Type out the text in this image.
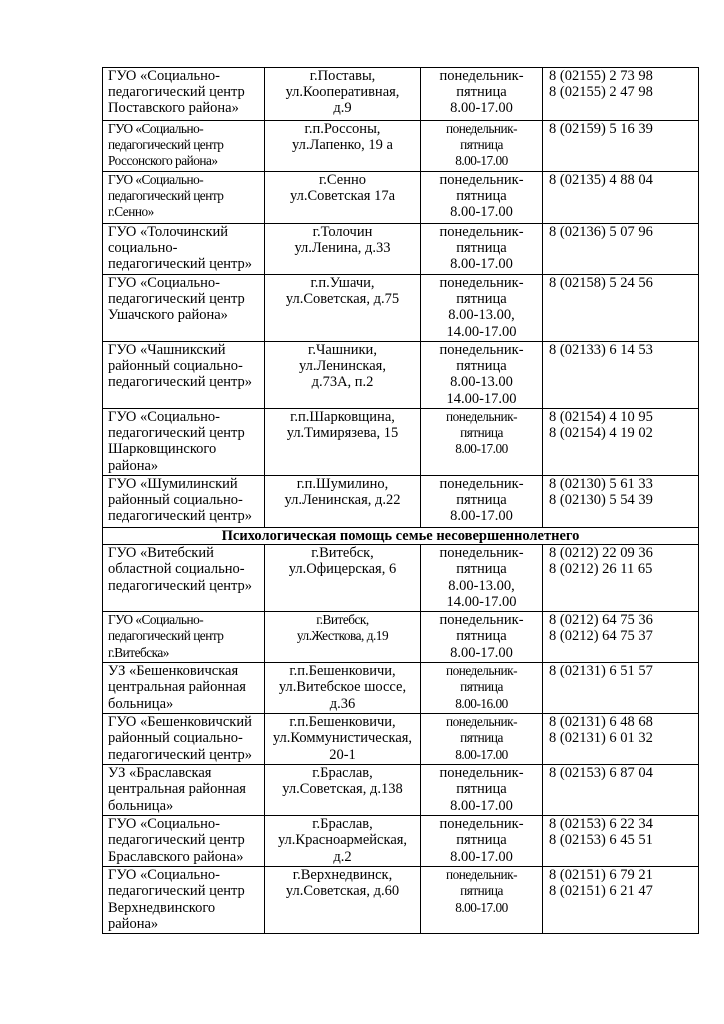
ГУО «Социально-
педагогический центр
Поставского района»	г.Поставы,
ул.Кооперативная,
д.9	понедельник-
пятница
8.00-17.00	8 (02155) 2 73 98
8 (02155) 2 47 98

ГУО «Социально-
педагогический центр
Россонского района»	г.п.Россоны,
ул.Лапенко, 19 а	понедельник-
пятница
8.00-17.00	8 (02159) 5 16 39

ГУО «Социально-
педагогический центр
г.Сенно»	г.Сенно
ул.Советская 17а	понедельник-
пятница
8.00-17.00	8 (02135) 4 88 04

ГУО «Толочинский
социально-
педагогический центр»	г.Толочин
ул.Ленина, д.33	понедельник-
пятница
8.00-17.00	8 (02136) 5 07 96

ГУО «Социально-
педагогический центр
Ушачского района»	г.п.Ушачи,
ул.Советская, д.75	понедельник-
пятница
8.00-13.00,
14.00-17.00	8 (02158) 5 24 56

ГУО «Чашникский
районный социально-
педагогический центр»	г.Чашники,
ул.Ленинская,
д.73А, п.2	понедельник-
пятница
8.00-13.00
14.00-17.00	8 (02133) 6 14 53

ГУО «Социально-
педагогический центр
Шарковщинского
района»	г.п.Шарковщина,
ул.Тимирязева, 15	понедельник-
пятница
8.00-17.00	8 (02154) 4 10 95
8 (02154) 4 19 02

ГУО «Шумилинский
районный социально-
педагогический центр»	г.п.Шумилино,
ул.Ленинская, д.22	понедельник-
пятница
8.00-17.00	8 (02130) 5 61 33
8 (02130) 5 54 39

Психологическая помощь семье несовершеннолетнего			

ГУО «Витебский
областной социально-
педагогический центр»	г.Витебск,
ул.Офицерская, 6	понедельник-
пятница
8.00-13.00,
14.00-17.00	8 (0212) 22 09 36
8 (0212) 26 11 65

ГУО «Социально-
педагогический центр
г.Витебска»	г.Витебск,
ул.Жесткова, д.19	понедельник-
пятница
8.00-17.00	8 (0212) 64 75 36
8 (0212) 64 75 37

УЗ «Бешенковичская
центральная районная
больница»	г.п.Бешенковичи,
ул.Витебское шоссе,
д.36	понедельник-
пятница
8.00-16.00	8 (02131) 6 51 57

ГУО «Бешенковичский
районный социально-
педагогический центр»	г.п.Бешенковичи,
ул.Коммунистическая,
20-1	понедельник-
пятница
8.00-17.00	8 (02131) 6 48 68
8 (02131) 6 01 32

УЗ «Браславская
центральная районная
больница»	г.Браслав,
ул.Советская, д.138	понедельник-
пятница
8.00-17.00	8 (02153) 6 87 04

ГУО «Социально-
педагогический центр
Браславского района»	г.Браслав,
ул.Красноармейская,
д.2	понедельник-
пятница
8.00-17.00	8 (02153) 6 22 34
8 (02153) 6 45 51

ГУО «Социально-
педагогический центр
Верхнедвинского
района»	г.Верхнедвинск,
ул.Советская, д.60	понедельник-
пятница
8.00-17.00	8 (02151) 6 79 21
8 (02151) 6 21 47
